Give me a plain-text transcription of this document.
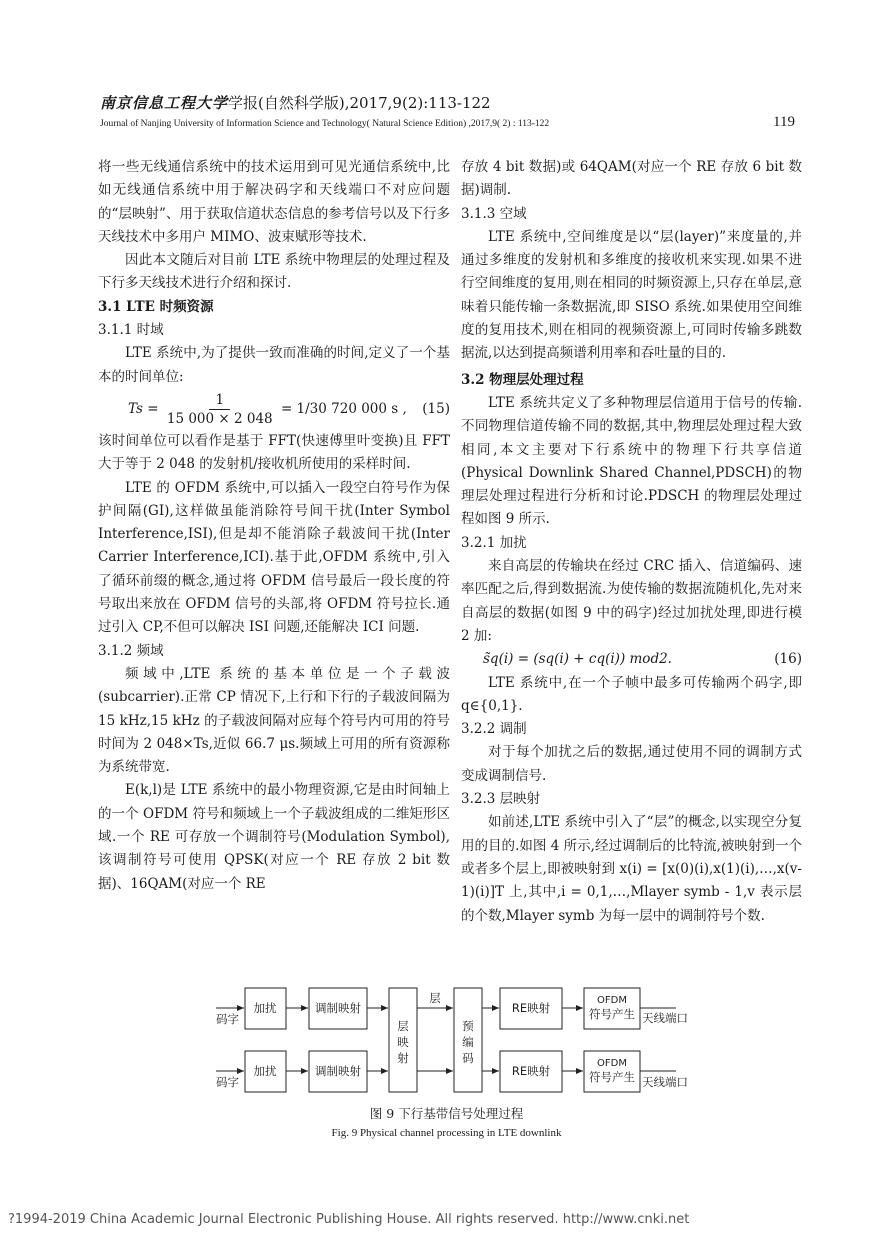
南京信息工程大学学报(自然科学版),2017,9(2):113-122
Journal of Nanjing University of Information Science and Technology( Natural Science Edition) ,2017,9( 2) : 113-122	119

将一些无线通信系统中的技术运用到可见光通信系统中,比如无线通信系统中用于解决码字和天线端口不对应问题的“层映射”、用于获取信道状态信息的参考信号以及下行多天线技术中多用户 MIMO、波束赋形等技术.

因此本文随后对目前 LTE 系统中物理层的处理过程及下行多天线技术进行介绍和探讨.

3.1 LTE 时频资源

3.1.1 时域

LTE 系统中,为了提供一致而准确的时间,定义了一个基本的时间单位:

$Ts = \frac{1}{15 000 \times 2 048} = 1/30$ 720 000 s , (15)

该时间单位可以看作是基于 FFT(快速傅里叶变换)且 FFT 大于等于 2 048 的发射机/接收机所使用的采样时间.

LTE 的 OFDM 系统中,可以插入一段空白符号作为保护间隔(GI),这样做虽能消除符号间干扰(Inter Symbol Interference,ISI),但是却不能消除子载波间干扰(Inter Carrier Interference,ICI).基于此,OFDM 系统中,引入了循环前缀的概念,通过将 OFDM 信号最后一段长度的符号取出来放在 OFDM 信号的头部,将 OFDM 符号拉长.通过引入 CP,不但可以解决 ISI 问题,还能解决 ICI 问题.

3.1.2 频域

频域中,LTE 系统的基本单位是一个子载波(subcarrier).正常 CP 情况下,上行和下行的子载波间隔为 15 kHz,15 kHz 的子载波间隔对应每个符号内可用的符号时间为 2 048×Ts,近似 66.7 μs.频域上可用的所有资源称为系统带宽.

E(k,l)是 LTE 系统中的最小物理资源,它是由时间轴上的一个 OFDM 符号和频域上一个子载波组成的二维矩形区域.一个 RE 可存放一个调制符号(Modulation Symbol),该调制符号可使用 QPSK(对应一个 RE 存放 2 bit 数据)、16QAM(对应一个 RE

存放 4 bit 数据)或 64QAM(对应一个 RE 存放 6 bit 数据)调制.

3.1.3 空域

LTE 系统中,空间维度是以“层(layer)”来度量的,并通过多维度的发射机和多维度的接收机来实现.如果不进行空间维度的复用,则在相同的时频资源上,只存在单层,意味着只能传输一条数据流,即 SISO 系统.如果使用空间维度的复用技术,则在相同的视频资源上,可同时传输多跳数据流,以达到提高频谱利用率和吞吐量的目的.

3.2 物理层处理过程

LTE 系统共定义了多种物理层信道用于信号的传输.不同物理信道传输不同的数据,其中,物理层处理过程大致相同,本文主要对下行系统中的物理下行共享信道(Physical Downlink Shared Channel,PDSCH)的物理层处理过程进行分析和讨论.PDSCH 的物理层处理过程如图 9 所示.

3.2.1 加扰

来自高层的传输块在经过 CRC 插入、信道编码、速率匹配之后,得到数据流.为使传输的数据流随机化,先对来自高层的数据(如图 9 中的码字)经过加扰处理,即进行模 2 加:

s̃q(i) = (sq(i) + cq(i)) mod2.	(16)

LTE 系统中,在一个子帧中最多可传输两个码字,即 q∈{0,1}.

3.2.2 调制

对于每个加扰之后的数据,通过使用不同的调制方式变成调制信号.

3.2.3 层映射

如前述,LTE 系统中引入了“层”的概念,以实现空分复用的目的.如图 4 所示,经过调制后的比特流,被映射到一个或者多个层上,即被映射到 x(i) = [x(0)(i),x(1)(i),…,x(v-1)(i)]T 上,其中,i = 0,1,…,Mlayer symb - 1,v 表示层的个数,Mlayer symb 为每一层中的调制符号个数.

码字
码字
加扰
加扰
调制映射
调制映射
层映射
层
预编码
RE映射
RE映射
OFDM
符号产生
OFDM
符号产生
天线端口
天线端口
图 9 下行基带信号处理过程
Fig. 9 Physical channel processing in LTE downlink
?1994-2019 China Academic Journal Electronic Publishing House. All rights reserved. http://www.cnki.net
